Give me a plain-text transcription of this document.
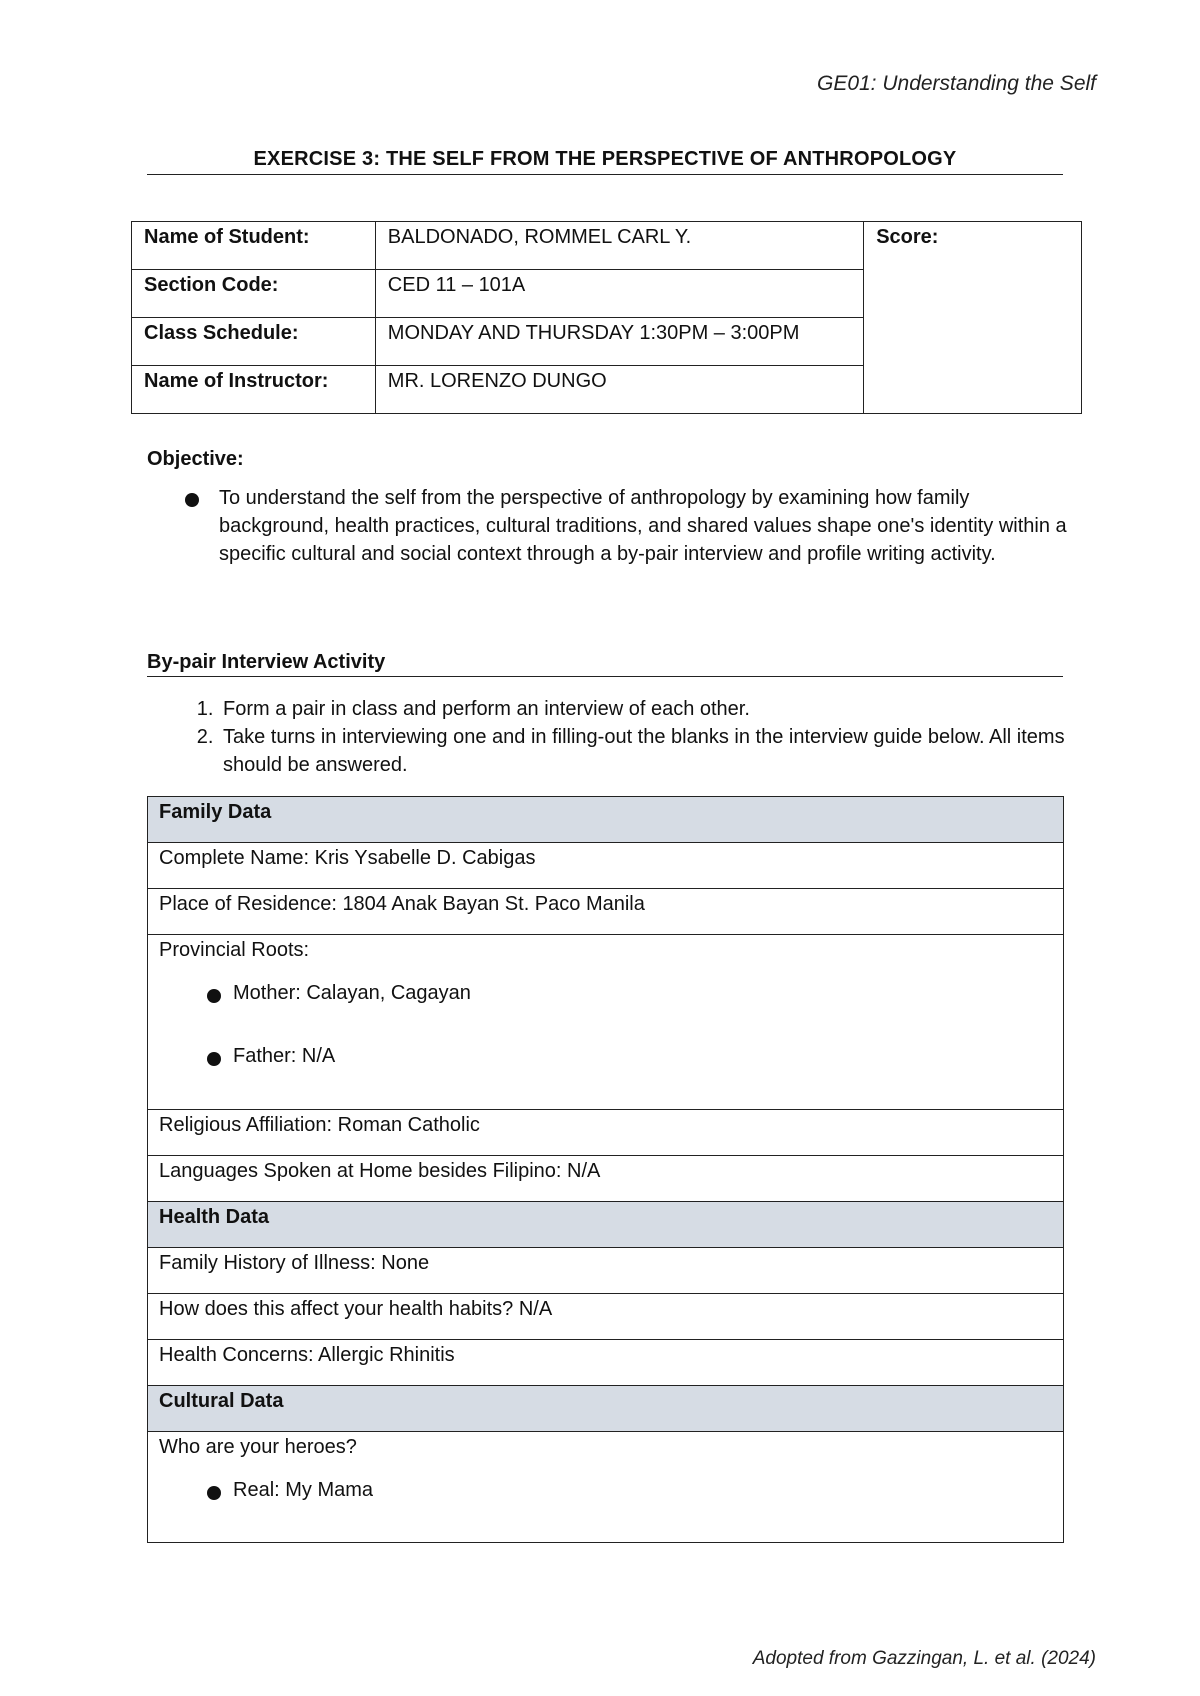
GE01: Understanding the Self
EXERCISE 3: THE SELF FROM THE PERSPECTIVE OF ANTHROPOLOGY
Name of Student:	BALDONADO, ROMMEL CARL Y.	Score:
Section Code:	CED 11 – 101A	
Class Schedule:	MONDAY AND THURSDAY 1:30PM – 3:00PM	
Name of Instructor:	MR. LORENZO DUNGO	
Objective:
To understand the self from the perspective of anthropology by examining how family background, health practices, cultural traditions, and shared values shape one's identity within a specific cultural and social context through a by-pair interview and profile writing activity.
By-pair Interview Activity
1. Form a pair in class and perform an interview of each other.
2. Take turns in interviewing one and in filling-out the blanks in the interview guide below. All items should be answered.
Family Data
Complete Name: Kris Ysabelle D. Cabigas
Place of Residence: 1804 Anak Bayan St. Paco Manila

Provincial Roots:
Mother: Calayan, Cagayan
Father: N/A

Religious Affiliation: Roman Catholic
Languages Spoken at Home besides Filipino: N/A
Health Data
Family History of Illness: None
How does this affect your health habits? N/A
Health Concerns: Allergic Rhinitis
Cultural Data

Who are your heroes?
Real: My Mama
Adopted from Gazzingan, L. et al. (2024)
